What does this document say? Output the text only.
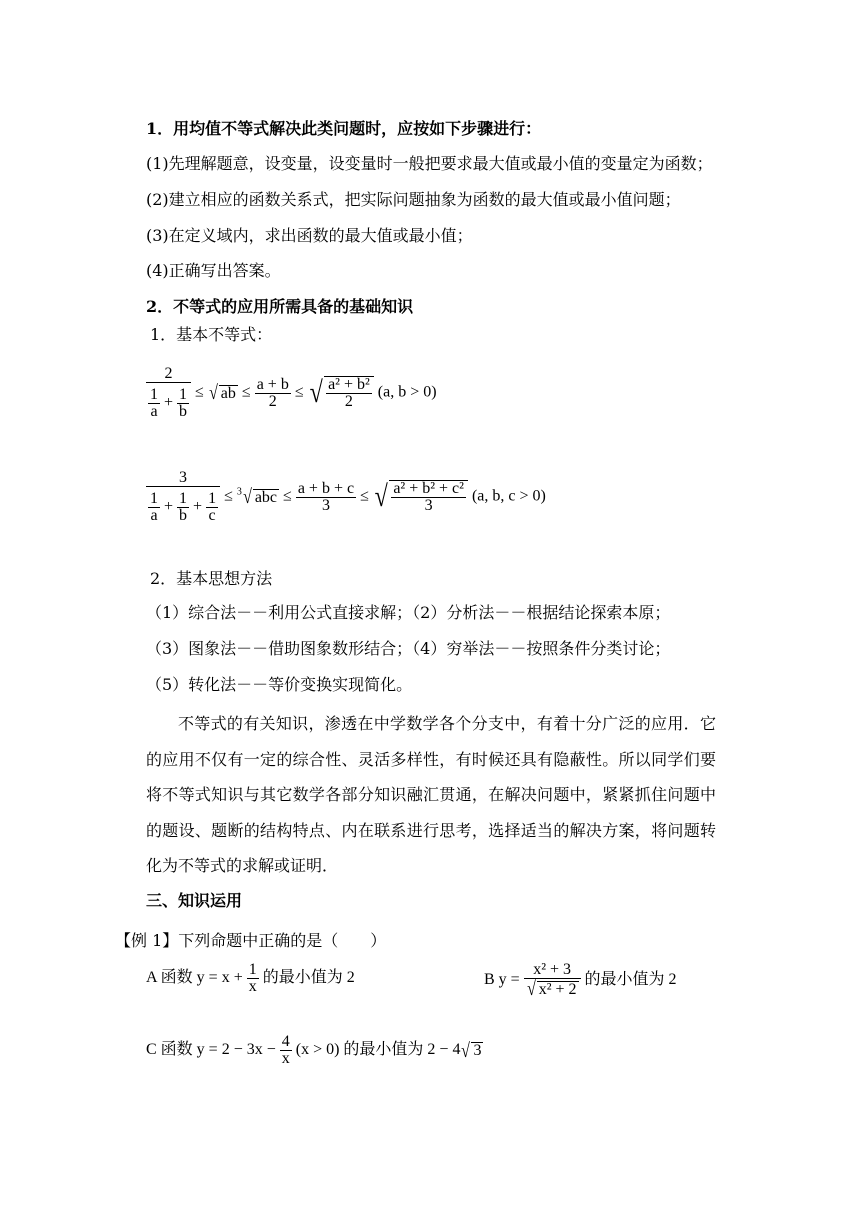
1．用均值不等式解决此类问题时，应按如下步骤进行：
(1)先理解题意，设变量，设变量时一般把要求最大值或最小值的变量定为函数；
(2)建立相应的函数关系式，把实际问题抽象为函数的最大值或最小值问题；
(3)在定义域内，求出函数的最大值或最小值；
(4)正确写出答案。
2．不等式的应用所需具备的基础知识
1．基本不等式：
$\frac{2}{\frac{1}{a} + \frac{1}{b}}$ ≤ √ ab ≤ $\frac{a + b}{2}$ ≤ √ $\frac{\text{a² + b²}}{2} (a$, b > 0)
$\frac{3}{\frac{1}{a} + \frac{1}{b} + \frac{1}{c}} \le ^3√$ abc ≤ $\frac{a + b + c}{3}$ ≤ √ $\frac{\text{a² + b² + c²}}{3} (a$, b, c > 0)
2．基本思想方法
（1）综合法－－利用公式直接求解；（2）分析法－－根据结论探索本原；
（3）图象法－－借助图象数形结合；（4）穷举法－－按照条件分类讨论；
（5）转化法－－等价变换实现简化。
不等式的有关知识，渗透在中学数学各个分支中，有着十分广泛的应用．它的应用不仅有一定的综合性、灵活多样性，有时候还具有隐蔽性。所以同学们要将不等式知识与其它数学各部分知识融汇贯通，在解决问题中，紧紧抓住问题中的题设、题断的结构特点、内在联系进行思考，选择适当的解决方案，将问题转化为不等式的求解或证明．
三、知识运用
【例 1】下列命题中正确的是（　　）
A 函数 $y = x + \frac{1}{x}$ 的最小值为 2	B $y = \frac{\text{x² + 3}}{\text{√ x² + 2}}$ 的最小值为 2
C 函数 $y = 2 - 3x - \frac{4}{x} (x > 0)$ 的最小值为 2 − 4√ 3
